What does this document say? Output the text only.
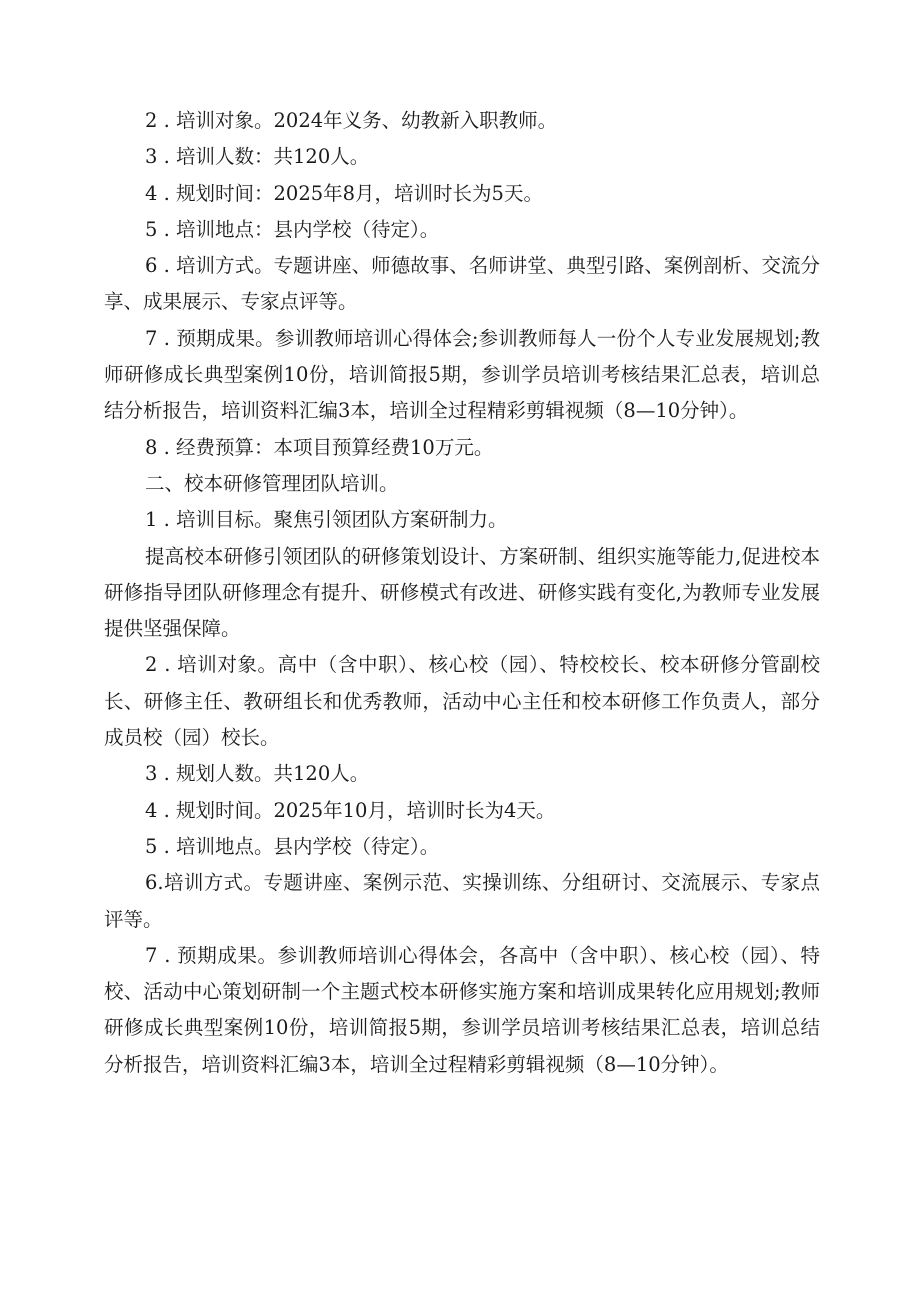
2 . 培训对象。2024年义务、幼教新入职教师。

3 . 培训人数：共120人。

4 . 规划时间：2025年8月，培训时长为5天。

5 . 培训地点：县内学校（待定）。

6 . 培训方式。专题讲座、师德故事、名师讲堂、典型引路、案例剖析、交流分享、成果展示、专家点评等。

7 . 预期成果。参训教师培训心得体会;参训教师每人一份个人专业发展规划;教师研修成长典型案例10份，培训简报5期，参训学员培训考核结果汇总表，培训总结分析报告，培训资料汇编3本，培训全过程精彩剪辑视频（8—10分钟）。

8 . 经费预算：本项目预算经费10万元。

二、校本研修管理团队培训。

1 . 培训目标。聚焦引领团队方案研制力。

提高校本研修引领团队的研修策划设计、方案研制、组织实施等能力,促进校本研修指导团队研修理念有提升、研修模式有改进、研修实践有变化,为教师专业发展提供坚强保障。

2 . 培训对象。高中（含中职）、核心校（园）、特校校长、校本研修分管副校长、研修主任、教研组长和优秀教师，活动中心主任和校本研修工作负责人，部分成员校（园）校长。

3 . 规划人数。共120人。

4 . 规划时间。2025年10月，培训时长为4天。

5 . 培训地点。县内学校（待定）。

6.培训方式。专题讲座、案例示范、实操训练、分组研讨、交流展示、专家点评等。

7 . 预期成果。参训教师培训心得体会，各高中（含中职）、核心校（园）、特校、活动中心策划研制一个主题式校本研修实施方案和培训成果转化应用规划;教师研修成长典型案例10份，培训简报5期，参训学员培训考核结果汇总表，培训总结分析报告，培训资料汇编3本，培训全过程精彩剪辑视频（8—10分钟）。
